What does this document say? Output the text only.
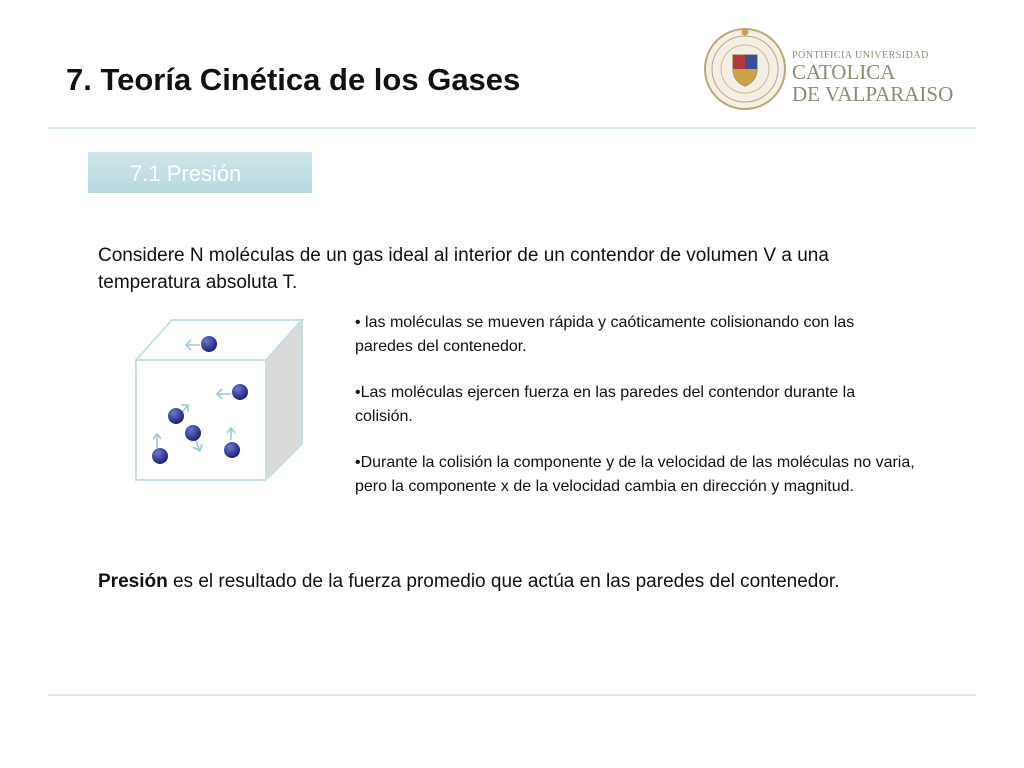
7. Teoría Cinética de los Gases
PONTIFICIA UNIVERSIDAD
CATOLICA
DE VALPARAISO
7.1 Presión
Considere N moléculas de un gas ideal al interior de un contendor de volumen V a una temperatura absoluta T.

• las moléculas se mueven rápida y caóticamente colisionando con las paredes del contenedor.

•Las moléculas ejercen fuerza en las paredes del contendor durante la colisión.

•Durante la colisión la componente y de la velocidad de las moléculas no varia, pero la componente x de la velocidad cambia en dirección y magnitud.

Presión es el resultado de la fuerza promedio que actúa en las paredes del contenedor.
